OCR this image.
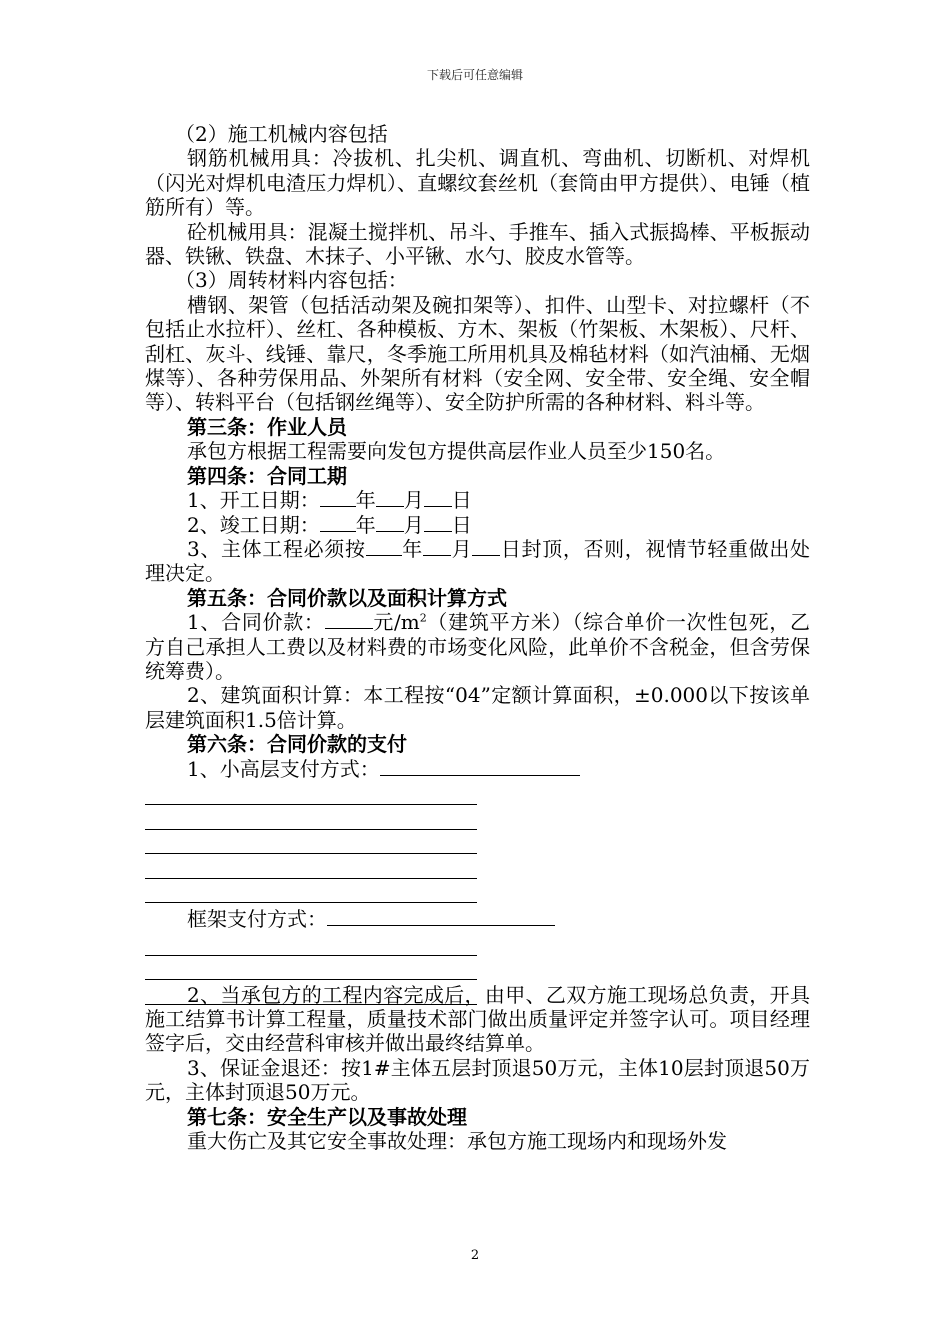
下载后可任意编辑

（2）施工机械内容包括

钢筋机械用具：冷拔机、扎尖机、调直机、弯曲机、切断机、对焊机（闪光对焊机电渣压力焊机）、直螺纹套丝机（套筒由甲方提供）、电锤（植筋所有）等。

砼机械用具：混凝土搅拌机、吊斗、手推车、插入式振捣棒、平板振动器、铁锹、铁盘、木抹子、小平锹、水勺、胶皮水管等。

（3）周转材料内容包括：

槽钢、架管（包括活动架及碗扣架等）、扣件、山型卡、对拉螺杆（不包括止水拉杆）、丝杠、各种模板、方木、架板（竹架板、木架板）、尺杆、刮杠、灰斗、线锤、靠尺，冬季施工所用机具及棉毡材料（如汽油桶、无烟煤等）、各种劳保用品、外架所有材料（安全网、安全带、安全绳、安全帽等）、转料平台（包括钢丝绳等）、安全防护所需的各种材料、料斗等。

第三条：作业人员

承包方根据工程需要向发包方提供高层作业人员至少150名。

第四条：合同工期

1、开工日期： 年 月 日

2、竣工日期： 年 月 日

3、主体工程必须按 年 月 日封顶，否则，视情节轻重做出处理决定。

第五条：合同价款以及面积计算方式

1、合同价款： 元$/m^2$（建筑平方米）（综合单价一次性包死，乙方自己承担人工费以及材料费的市场变化风险，此单价不含税金，但含劳保统筹费）。

2、建筑面积计算：本工程按“04”定额计算面积，±0.000以下按该单层建筑面积1.5倍计算。

第六条：合同价款的支付

1、小高层支付方式：

框架支付方式：

2、当承包方的工程内容完成后，由甲、乙双方施工现场总负责，开具施工结算书计算工程量，质量技术部门做出质量评定并签字认可。项目经理签字后，交由经营科审核并做出最终结算单。

3、保证金退还：按1#主体五层封顶退50万元，主体10层封顶退50万元，主体封顶退50万元。

第七条：安全生产以及事故处理

重大伤亡及其它安全事故处理：承包方施工现场内和现场外发

2
